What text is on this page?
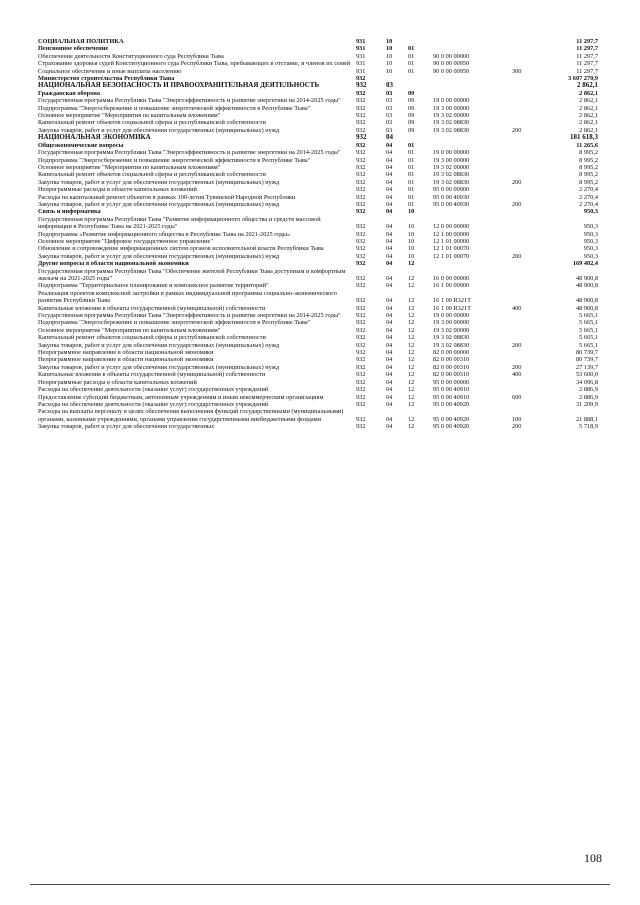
СОЦИАЛЬНАЯ ПОЛИТИКА	931	10	11 297,7
Пенсионное обеспечение	931	10 01	11 297,7
Обеспечение деятельности Конституционного суда Республики Тыва	931	10 01	90 0 00 00000	11 297,7
Страхование здоровья судей Конституционного суда Республики Тыва, пребывающих в отставке, и членов их семей 931	10 01	90 0 00 00950	11 297,7
Социальное обеспечение и иные выплаты населению	931	10 01	90 0 00 00950	300	11 297,7
Министерство строительства Республики Тыва	932	3 607 270,9
НАЦИОНАЛЬНАЯ БЕЗОПАСНОСТЬ И ПРАВООХРАНИТЕЛЬНАЯ ДЕЯТЕЛЬНОСТЬ	932	03	2 862,1
Гражданская оборона	932	03 09	2 862,1
Государственная программа Республики Тыва "Энергоэффективность и развитие энергетики на 2014-2025 годы"	932	03 09	19 0 00 00000	2 862,1
Подпрограмма "Энергосбережение и повышение энергетической эффективности в Республике Тыва"	932	03 09	19 3 00 00000	2 862,1
Основное мероприятие "Мероприятия по капитальным вложениям"	932	03 09	19 3 02 00000	2 862,1
Капитальный ремонт объектов социальной сферы и республиканской собственности	932	03 09	19 3 02 08830	2 862,1
Закупка товаров, работ и услуг для обеспечения государственных (муниципальных) нужд	932	03 09	19 3 02 08830	200	2 862,1
НАЦИОНАЛЬНАЯ ЭКОНОМИКА	932	04	181 618,3
Общеэкономические вопросы	932	04 01	11 265,6
Государственная программа Республики Тыва "Энергоэффективность и развитие энергетики на 2014-2025 годы"	932	04 01	19 0 00 00000	8 995,2
Подпрограмма "Энергосбережение и повышение энергетической эффективности в Республике Тыва"	932	04 01	19 3 00 00000	8 995,2
Основное мероприятие "Мероприятия по капитальным вложениям"	932	04 01	19 3 02 00000	8 995,2
Капитальный ремонт объектов социальной сферы и республиканской собственности	932	04 01	19 3 02 08830	8 995,2
Закупка товаров, работ и услуг для обеспечения государственных (муниципальных) нужд	932	04 01	19 3 02 08830	200	8 995,2
Непрограммные расходы в области капитальных вложений	932	04 01	95 0 00 00000	2 270,4
Расходы на капитальный ремонт объектов в рамках 100-летия Тувинской Народной Республики	932	04 01	95 0 00 40930	2 270,4
Закупка товаров, работ и услуг для обеспечения государственных (муниципальных) нужд	932	04 01	95 0 00 40930	200	2 270,4
Связь и информатика	932	04 10	950,3
Государственная программа Республики Тыва "Развитие информационного общества и средств массовой информации в Республике Тыва на 2021-2025 годы"	932	04 10	12 0 00 00000	950,3
Подпрограмма «Развитие информационного общества в Республике Тыва на 2021-2025 годы»	932	04 10	12 1 00 00000	950,3
Основное мероприятие "Цифровое государственное управление"	932	04 10	12 1 01 00000	950,3
Обновление и сопровождение информационных систем органов исполнительной власти Республики Тыва	932	04 10	12 1 01 00070	950,3
Закупка товаров, работ и услуг для обеспечения государственных (муниципальных) нужд	932	04 10	12 1 01 00070	200	950,3
Другие вопросы в области национальной экономики	932	04 12	169 402,4
Государственная программа Республики Тыва "Обеспечение жителей Республики Тыва доступным и комфортным жильем на 2021-2025 годы"	932	04 12	16 0 00 00000	48 900,8
Подпрограмма "Территориальное планирование и комплексное развитие территорий"	932	04 12	16 1 00 00000	48 900,8
Реализация проектов комплексной застройки в рамках индивидуальной программы социально-экономического развития Республики Тыва	932	04 12	16 1 00 R321T	48 900,8
Капитальные вложения в объекты государственной (муниципальной) собственности	932	04 12	16 1 00 R321T	400	48 900,8
Государственная программа Республики Тыва "Энергоэффективность и развитие энергетики на 2014-2025 годы"	932	04 12	19 0 00 00000	5 665,1
Подпрограмма "Энергосбережение и повышение энергетической эффективности в Республике Тыва"	932	04 12	19 3 00 00000	5 665,1
Основное мероприятие "Мероприятия по капитальным вложениям"	932	04 12	19 3 02 00000	5 665,1
Капитальный ремонт объектов социальной сферы и республиканской собственности	932	04 12	19 3 02 08830	5 665,1
Закупка товаров, работ и услуг для обеспечения государственных (муниципальных) нужд	932	04 12	19 3 02 08830	200	5 665,1
Непрограммное направление в области национальной экономики	932	04 12	82 0 00 00000	80 739,7
Непрограммное направление в области национальной экономики	932	04 12	82 0 00 00310	80 739,7
Закупка товаров, работ и услуг для обеспечения государственных (муниципальных) нужд	932	04 12	82 0 00 00310	200	27 139,7
Капитальные вложения в объекты государственной (муниципальной) собственности	932	04 12	82 0 00 00310	400	53 600,0
Непрограммные расходы в области капитальных вложений	932	04 12	95 0 00 00000	34 096,8
Расходы на обеспечение деятельности (оказание услуг) государственных учреждений	932	04 12	95 0 00 40910	2 886,9
Предоставление субсидий бюджетным, автономным учреждениям и иным некоммерческим организациям	932	04 12	95 0 00 40910	600	2 886,9
Расходы на обеспечение деятельности (оказание услуг) государственных учреждений	932	04 12	95 0 00 40920	31 209,9
Расходы на выплаты персоналу в целях обеспечения выполнения функций государственными (муниципальными) органами, казенными учреждениями, органами управления государственными внебюджетными фондами	932	04 12	95 0 00 40920	100	21 888,1
Закупка товаров, работ и услуг для обеспечения государственных	932	04 12	95 0 00 40920	200	5 718,9
108
